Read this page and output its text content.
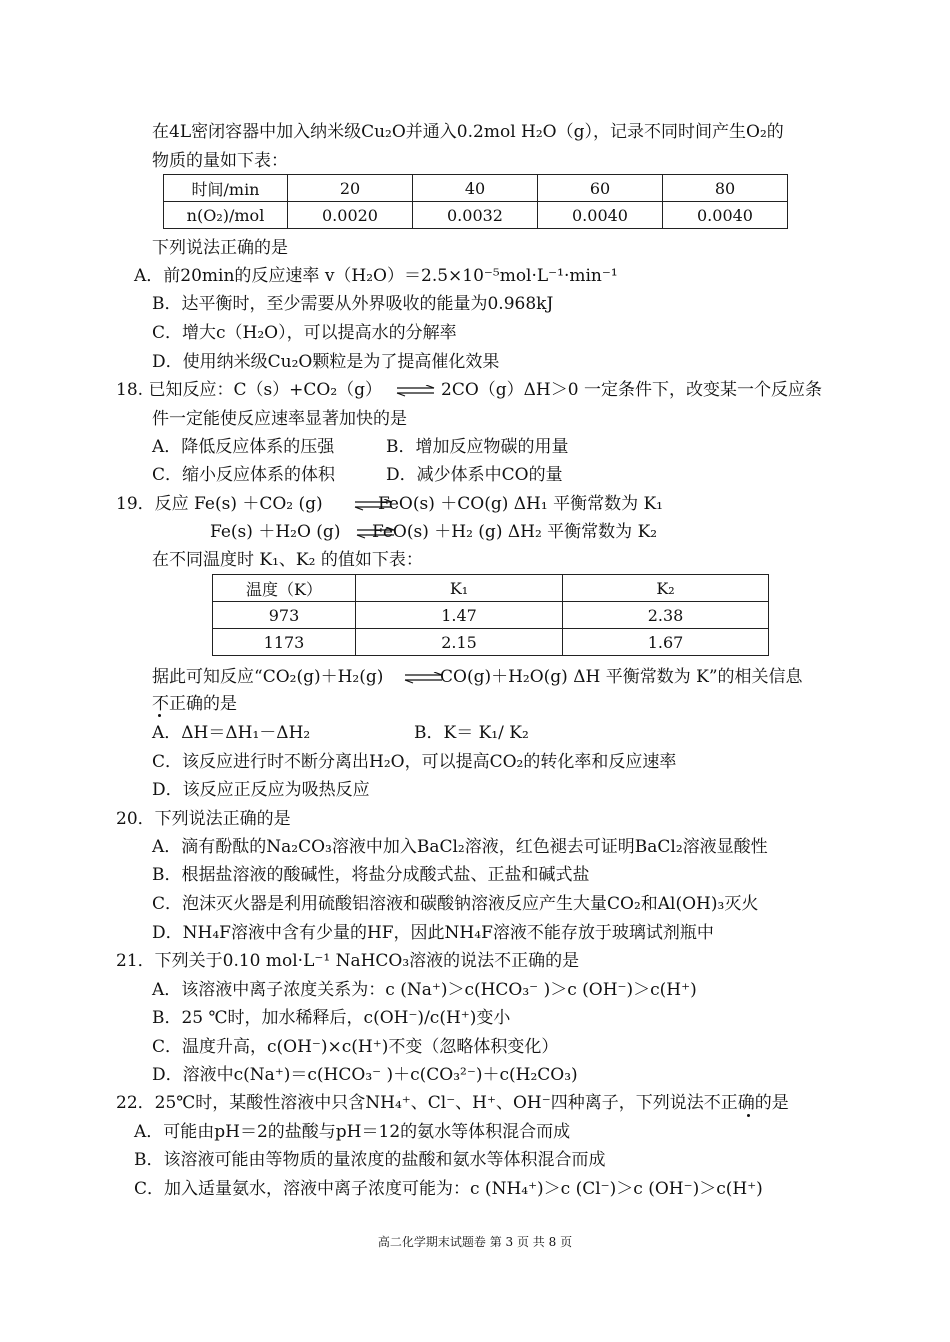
在4L密闭容器中加入纳米级Cu₂O并通入0.2mol H₂O（g），记录不同时间产生O₂的
物质的量如下表：
时间/min	20	40	60	80
n(O₂)/mol	0.0020	0.0032	0.0040	0.0040
下列说法正确的是
A．前20min的反应速率 v（H₂O）＝2.5×10⁻⁵mol·L⁻¹·min⁻¹
B．达平衡时，至少需要从外界吸收的能量为0.968kJ
C．增大c（H₂O），可以提高水的分解率
D．使用纳米级Cu₂O颗粒是为了提高催化效果
18. 已知反应：C（s）+CO₂（g） ⇌ 2CO（g）ΔH＞0 一定条件下，改变某一个反应条
件一定能使反应速率显著加快的是
A．降低反应体系的压强	B．增加反应物碳的用量
C．缩小反应体系的体积	D．减少体系中CO的量
19．反应 Fe(s) ＋CO₂ (g)	FeO(s) ＋CO(g) ΔH₁ 平衡常数为 K₁
Fe(s) ＋H₂O (g) ⇌
FeO(s) ＋H₂ (g) ΔH₂ 平衡常数为 K₂
在不同温度时 K₁、K₂ 的值如下表：
温度（K）	K₁	K₂
973	1.47	2.38
1173	2.15	1.67
据此可知反应“CO₂(g)＋H₂(g) ⇌
CO(g)＋H₂O(g) ΔH 平衡常数为 K”的相关信息
不正确的是
A．ΔH＝ΔH₁－ΔH₂	B．K＝ K₁/ K₂
C．该反应进行时不断分离出H₂O，可以提高CO₂的转化率和反应速率
D．该反应正反应为吸热反应
20．下列说法正确的是
A．滴有酚酞的Na₂CO₃溶液中加入BaCl₂溶液，红色褪去可证明BaCl₂溶液显酸性
B．根据盐溶液的酸碱性，将盐分成酸式盐、正盐和碱式盐
C．泡沫灭火器是利用硫酸铝溶液和碳酸钠溶液反应产生大量CO₂和Al(OH)₃灭火
D．NH₄F溶液中含有少量的HF，因此NH₄F溶液不能存放于玻璃试剂瓶中
21．下列关于0.10 mol·L⁻¹ NaHCO₃溶液的说法不正确的是
A．该溶液中离子浓度关系为：c (Na⁺)＞c(HCO₃⁻ )＞c (OH⁻)＞c(H⁺)
B．25 ℃时，加水稀释后，c(OH⁻)/c(H⁺)变小
C．温度升高，c(OH⁻)×c(H⁺)不变（忽略体积变化）
D．溶液中c(Na⁺)＝c(HCO₃⁻ )＋c(CO₃²⁻)＋c(H₂CO₃)
22．25℃时，某酸性溶液中只含NH₄⁺、Cl⁻、H⁺、OH⁻四种离子，下列说法不正确的是
A．可能由pH＝2的盐酸与pH＝12的氨水等体积混合而成
B．该溶液可能由等物质的量浓度的盐酸和氨水等体积混合而成
C．加入适量氨水，溶液中离子浓度可能为：c (NH₄⁺)＞c (Cl⁻)＞c (OH⁻)＞c(H⁺)
高二化学期末试题卷 第 3 页 共 8 页
